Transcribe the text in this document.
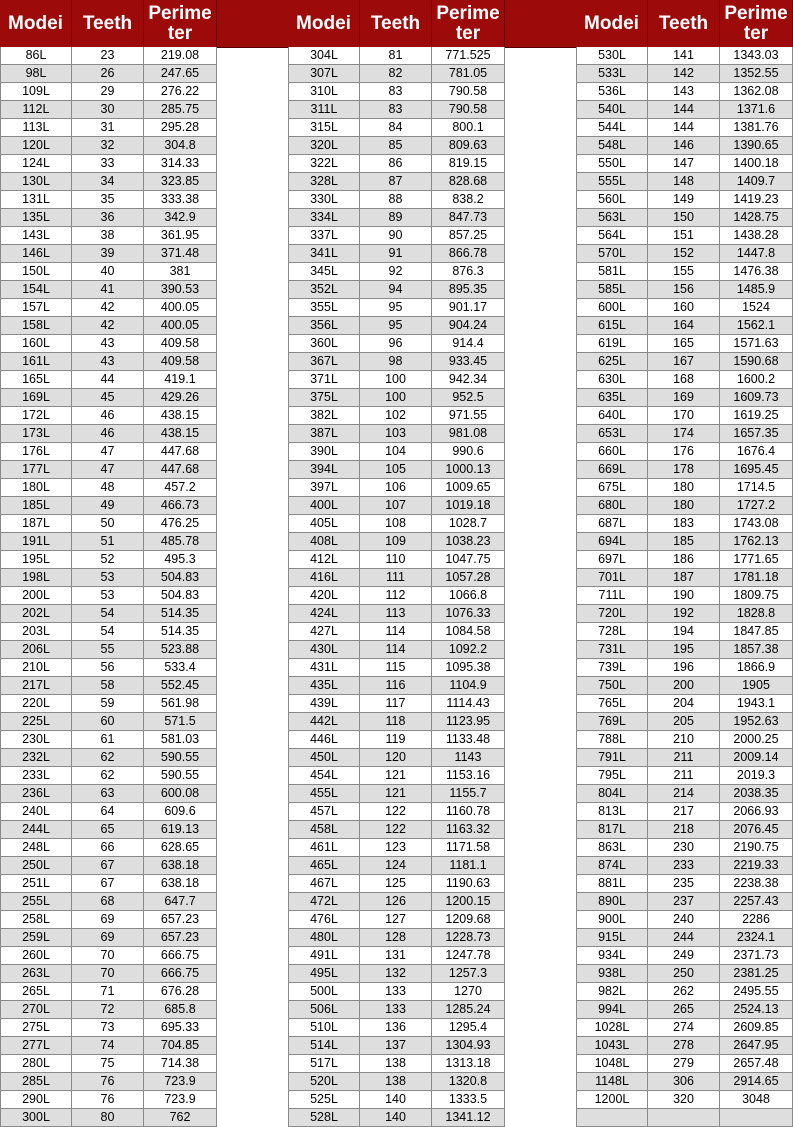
Modei	Teeth Perime
ter
86L	23	219.08
98L	26	247.65
109L	29	276.22
112L	30	285.75
113L	31	295.28
120L	32	304.8
124L	33	314.33
130L	34	323.85
131L	35	333.38
135L	36	342.9
143L	38	361.95
146L	39	371.48
150L	40	381
154L	41	390.53
157L	42	400.05
158L	42	400.05
160L	43	409.58
161L	43	409.58
165L	44	419.1
169L	45	429.26
172L	46	438.15
173L	46	438.15
176L	47	447.68
177L	47	447.68
180L	48	457.2
185L	49	466.73
187L	50	476.25
191L	51	485.78
195L	52	495.3
198L	53	504.83
200L	53	504.83
202L	54	514.35
203L	54	514.35
206L	55	523.88
210L	56	533.4
217L	58	552.45
220L	59	561.98
225L	60	571.5
230L	61	581.03
232L	62	590.55
233L	62	590.55
236L	63	600.08
240L	64	609.6
244L	65	619.13
248L	66	628.65
250L	67	638.18
251L	67	638.18
255L	68	647.7
258L	69	657.23
259L	69	657.23
260L	70	666.75
263L	70	666.75
265L	71	676.28
270L	72	685.8
275L	73	695.33
277L	74	704.85
280L	75	714.38
285L	76	723.9
290L	76	723.9
300L	80	762
Modei	Teeth Perime
ter
304L	81	771.525
307L	82	781.05
310L	83	790.58
311L	83	790.58
315L	84	800.1
320L	85	809.63
322L	86	819.15
328L	87	828.68
330L	88	838.2
334L	89	847.73
337L	90	857.25
341L	91	866.78
345L	92	876.3
352L	94	895.35
355L	95	901.17
356L	95	904.24
360L	96	914.4
367L	98	933.45
371L	100	942.34
375L	100	952.5
382L	102	971.55
387L	103	981.08
390L	104	990.6
394L	105	1000.13
397L	106	1009.65
400L	107	1019.18
405L	108	1028.7
408L	109	1038.23
412L	110	1047.75
416L	111	1057.28
420L	112	1066.8
424L	113	1076.33
427L	114	1084.58
430L	114	1092.2
431L	115	1095.38
435L	116	1104.9
439L	117	1114.43
442L	118	1123.95
446L	119	1133.48
450L	120	1143
454L	121	1153.16
455L	121	1155.7
457L	122	1160.78
458L	122	1163.32
461L	123	1171.58
465L	124	1181.1
467L	125	1190.63
472L	126	1200.15
476L	127	1209.68
480L	128	1228.73
491L	131	1247.78
495L	132	1257.3
500L	133	1270
506L	133	1285.24
510L	136	1295.4
514L	137	1304.93
517L	138	1313.18
520L	138	1320.8
525L	140	1333.5
528L	140	1341.12
Modei	Teeth Perime
ter
530L	141	1343.03
533L	142	1352.55
536L	143	1362.08
540L	144	1371.6
544L	144	1381.76
548L	146	1390.65
550L	147	1400.18
555L	148	1409.7
560L	149	1419.23
563L	150	1428.75
564L	151	1438.28
570L	152	1447.8
581L	155	1476.38
585L	156	1485.9
600L	160	1524
615L	164	1562.1
619L	165	1571.63
625L	167	1590.68
630L	168	1600.2
635L	169	1609.73
640L	170	1619.25
653L	174	1657.35
660L	176	1676.4
669L	178	1695.45
675L	180	1714.5
680L	180	1727.2
687L	183	1743.08
694L	185	1762.13
697L	186	1771.65
701L	187	1781.18
711L	190	1809.75
720L	192	1828.8
728L	194	1847.85
731L	195	1857.38
739L	196	1866.9
750L	200	1905
765L	204	1943.1
769L	205	1952.63
788L	210	2000.25
791L	211	2009.14
795L	211	2019.3
804L	214	2038.35
813L	217	2066.93
817L	218	2076.45
863L	230	2190.75
874L	233	2219.33
881L	235	2238.38
890L	237	2257.43
900L	240	2286
915L	244	2324.1
934L	249	2371.73
938L	250	2381.25
982L	262	2495.55
994L	265	2524.13
1028L	274	2609.85
1043L	278	2647.95
1048L	279	2657.48
1148L	306	2914.65
1200L	320	3048
